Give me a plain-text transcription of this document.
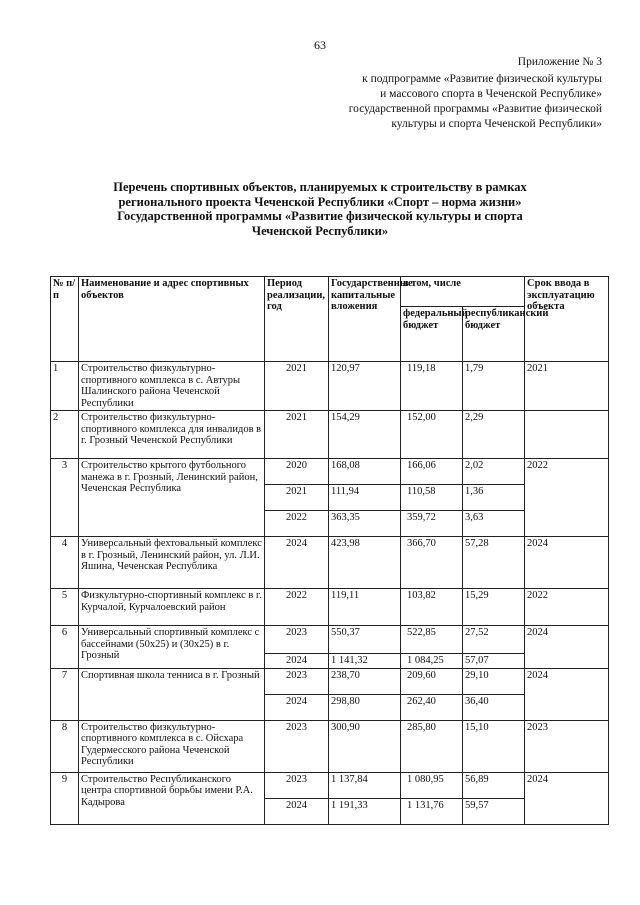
63
Приложение № 3
к подпрограмме «Развитие физической культуры
и массового спорта в Чеченской Республике»
государственной программы «Развитие физической
культуры и спорта Чеченской Республики»
Перечень спортивных объектов, планируемых к строительству в рамках
регионального проекта Чеченской Республики «Спорт – норма жизни»
Государственной программы «Развитие физической культуры и спорта
Чеченской Республики»
№ п/п	Наименование и адрес спортивных объектов	Период реализации, год	Государственные капитальные вложения	в том, числе		Срок ввода в эксплуатацию объекта
				федеральный бюджет	республиканский бюджет	
1	Строительство физкультурно-спортивного комплекса в с. Автуры Шалинского района Чеченской Республики	2021	120,97	119,18	1,79	2021
2	Строительство физкультурно-спортивного комплекса для инвалидов в г. Грозный Чеченской Республики	2021	154,29	152,00	2,29	
3	Строительство крытого футбольного манежа в г. Грозный, Ленинский район, Чеченская Республика	2020	168,08	166,06	2,02	2022
		2021	111,94	110,58	1,36	
		2022	363,35	359,72	3,63	
4	Универсальный фехтовальный комплекс в г. Грозный, Ленинский район, ул. Л.И. Яшина, Чеченская Республика	2024	423,98	366,70	57,28	2024
5	Физкультурно-спортивный комплекс в г. Курчалой, Курчалоевский район	2022	119,11	103,82	15,29	2022
6	Универсальный спортивный комплекс с бассейнами (50х25) и (30х25) в г. Грозный	2023	550,37	522,85	27,52	2024
		2024	1 141,32	1 084,25	57,07	
7	Спортивная школа тенниса в г. Грозный	2023	238,70	209,60	29,10	2024
		2024	298,80	262,40	36,40	
8	Строительство физкультурно-спортивного комплекса в с. Ойсхара Гудермесского района Чеченской Республики	2023	300,90	285,80	15,10	2023
9	Строительство Республиканского центра спортивной борьбы имени Р.А. Кадырова	2023	1 137,84	1 080,95	56,89	2024
		2024	1 191,33	1 131,76	59,57	
